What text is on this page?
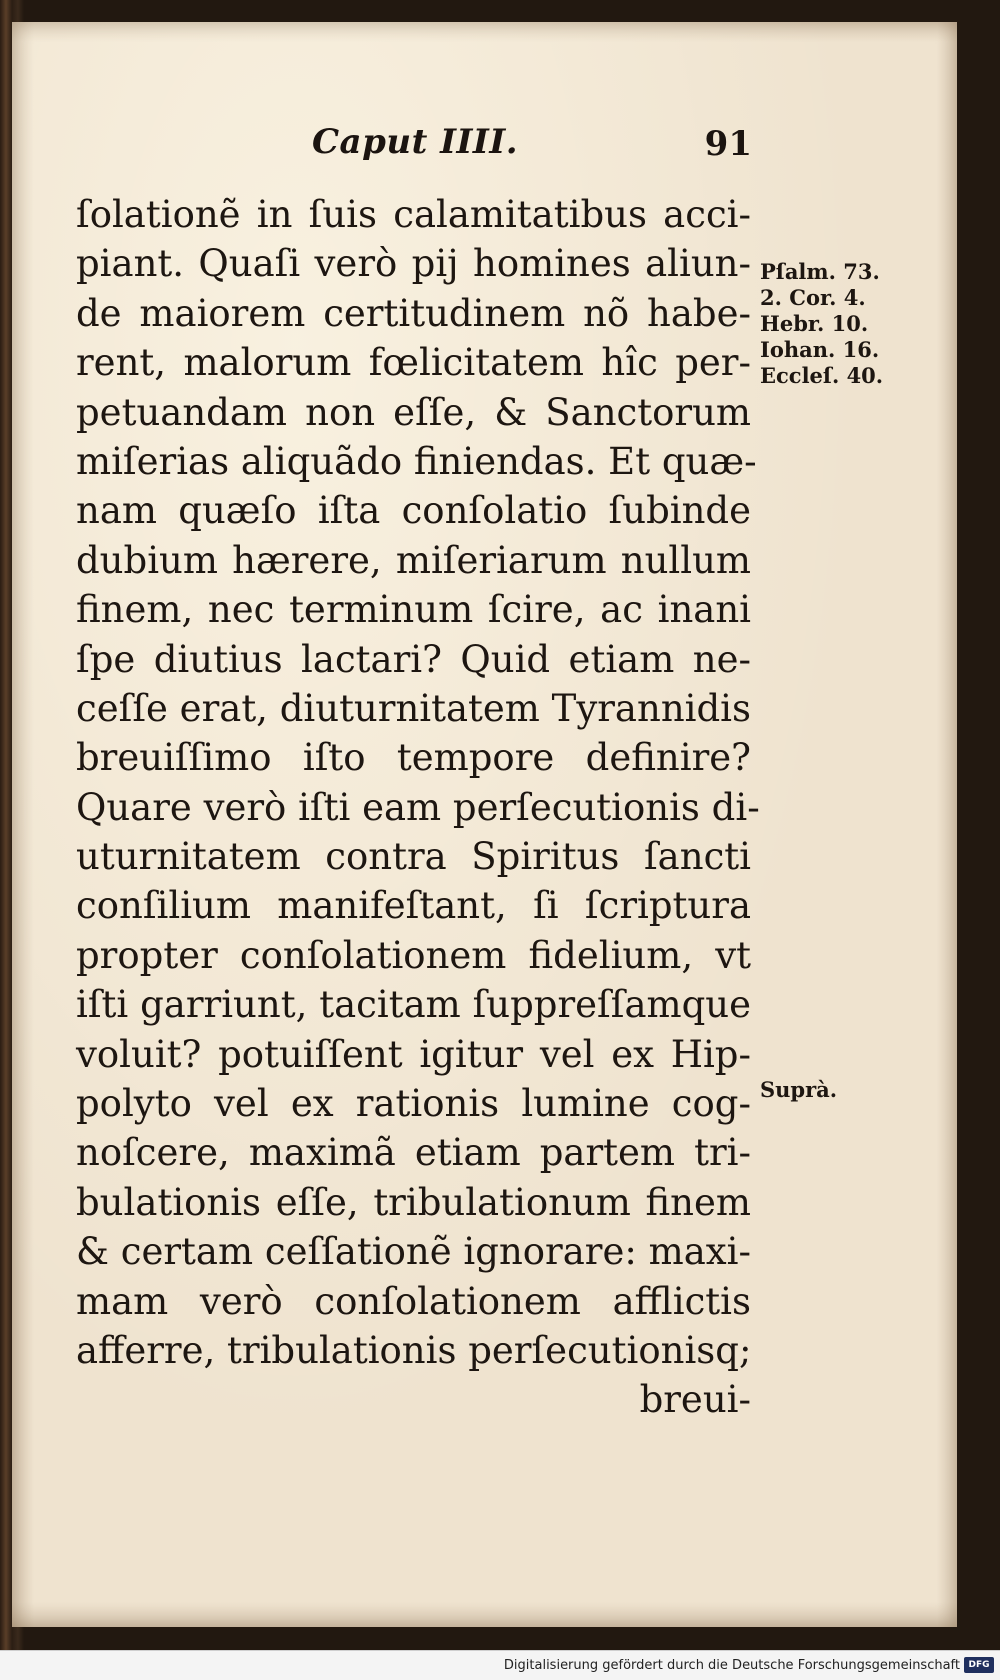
Caput IIII.	91
ſolationẽ in ſuis calamitatibus acci-
piant. Quaſi verò pij homines aliun-
de maiorem certitudinem nõ habe-
rent, malorum fœlicitatem hîc per-
petuandam non eſſe, & Sanctorum
miſerias aliquãdo finiendas. Et quæ-
nam quæſo iſta conſolatio ſubinde
dubium hærere, miſeriarum nullum
finem, nec terminum ſcire, ac inani
ſpe diutius lactari? Quid etiam ne-
ceſſe erat, diuturnitatem Tyrannidis
breuiſſimo iſto tempore definire?
Quare verò iſti eam perſecutionis di-
uturnitatem contra Spiritus ſancti
conſilium manifeſtant, ſi ſcriptura
propter conſolationem fidelium, vt
iſti garriunt, tacitam ſuppreſſamque
voluit? potuiſſent igitur vel ex Hip-
polyto vel ex rationis lumine cog-
noſcere, maximã etiam partem tri-
bulationis eſſe, tribulationum finem
& certam ceſſationẽ ignorare: maxi-
mam verò conſolationem afflictis
afferre, tribulationis perſecutionisq;
breui-
Pſalm. 73.
2. Cor. 4.
Hebr. 10.
Iohan. 16.
Eccleſ. 40.
Suprà.
Digitalisierung gefördert durch die Deutsche Forschungsgemeinschaft DFG
